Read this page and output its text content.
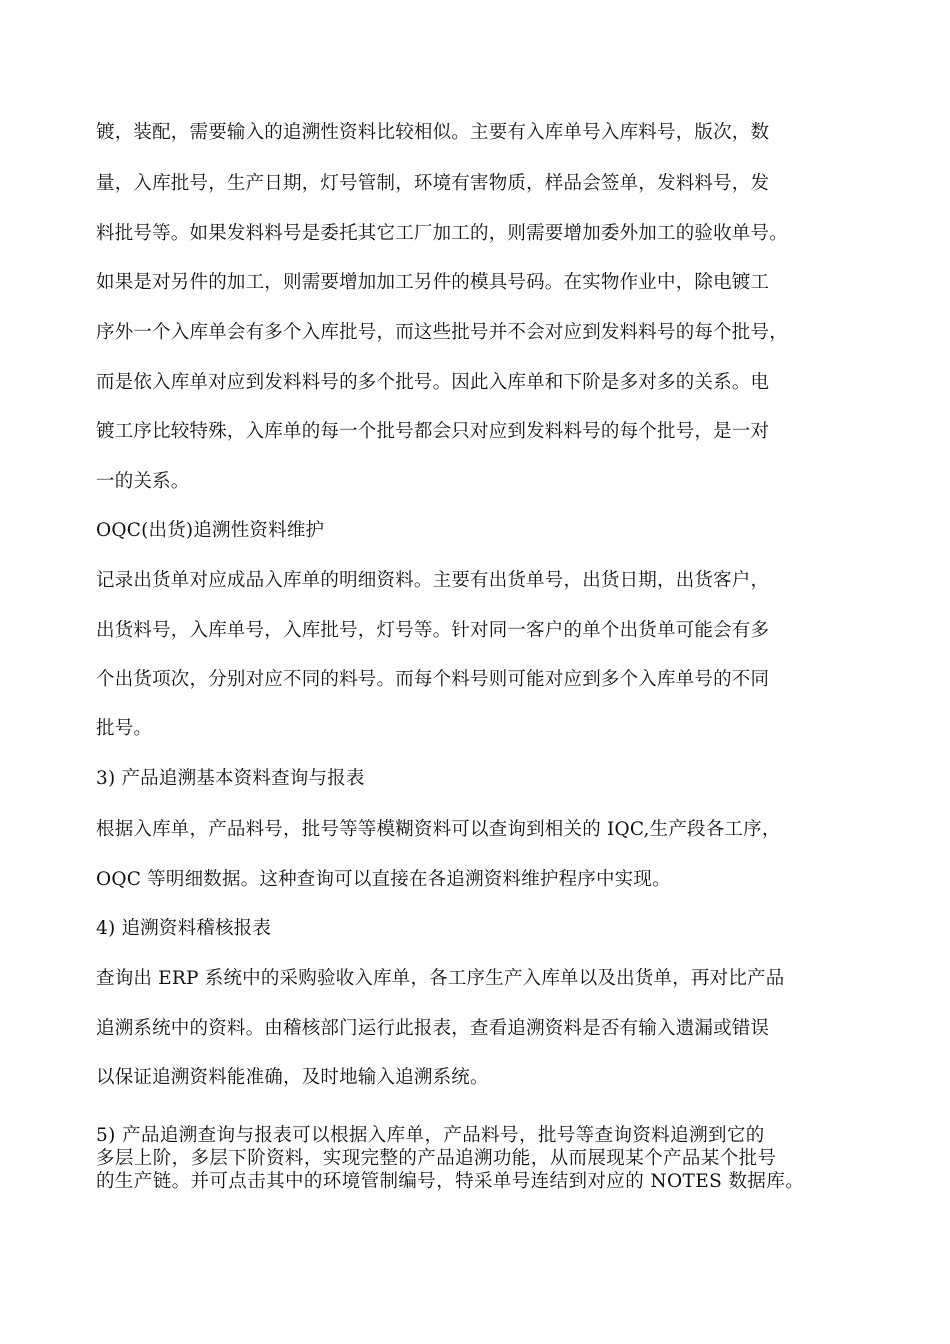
镀，装配，需要输入的追溯性资料比较相似。主要有入库单号入库料号，版次，数
量，入库批号，生产日期，灯号管制，环境有害物质，样品会签单，发料料号，发
料批号等。如果发料料号是委托其它工厂加工的，则需要增加委外加工的验收单号。
如果是对另件的加工，则需要增加加工另件的模具号码。在实物作业中，除电镀工
序外一个入库单会有多个入库批号，而这些批号并不会对应到发料料号的每个批号，
而是依入库单对应到发料料号的多个批号。因此入库单和下阶是多对多的关系。电
镀工序比较特殊，入库单的每一个批号都会只对应到发料料号的每个批号，是一对
一的关系。
OQC(出货)追溯性资料维护
记录出货单对应成品入库单的明细资料。主要有出货单号，出货日期，出货客户，
出货料号，入库单号，入库批号，灯号等。针对同一客户的单个出货单可能会有多
个出货项次，分别对应不同的料号。而每个料号则可能对应到多个入库单号的不同
批号。
3) 产品追溯基本资料查询与报表
根据入库单，产品料号，批号等等模糊资料可以查询到相关的 IQC,生产段各工序，
OQC 等明细数据。这种查询可以直接在各追溯资料维护程序中实现。
4) 追溯资料稽核报表
查询出 ERP 系统中的采购验收入库单，各工序生产入库单以及出货单，再对比产品
追溯系统中的资料。由稽核部门运行此报表，查看追溯资料是否有输入遗漏或错误
以保证追溯资料能准确，及时地输入追溯系统。
5) 产品追溯查询与报表可以根据入库单，产品料号，批号等查询资料追溯到它的
多层上阶，多层下阶资料，实现完整的产品追溯功能，从而展现某个产品某个批号
的生产链。并可点击其中的环境管制编号，特采单号连结到对应的 NOTES 数据库。
